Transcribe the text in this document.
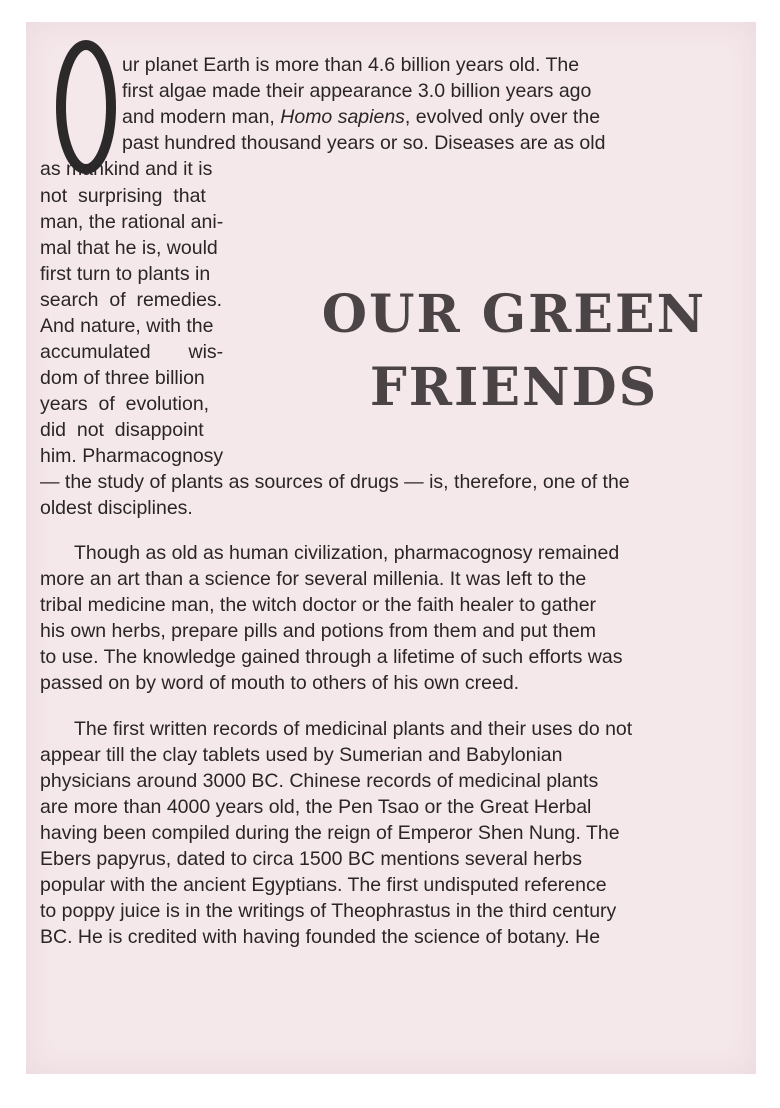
O
ur planet Earth is more than 4.6 billion years old. The
first algae made their appearance 3.0 billion years ago
and modern man, Homo sapiens, evolved only over the
past hundred thousand years or so. Diseases are as old
as mankind and it is
not  surprising  that
man, the rational ani-
mal that he is, would
first turn to plants in
search  of  remedies.
And nature, with the
accumulated       wis-
dom of three billion
years  of  evolution,
did  not  disappoint
him. Pharmacognosy
— the study of plants as sources of drugs — is, therefore, one of the
oldest disciplines.
Though as old as human civilization, pharmacognosy remained
more an art than a science for several millenia. It was left to the
tribal medicine man, the witch doctor or the faith healer to gather
his own herbs, prepare pills and potions from them and put them
to use. The knowledge gained through a lifetime of such efforts was
passed on by word of mouth to others of his own creed.
The first written records of medicinal plants and their uses do not
appear till the clay tablets used by Sumerian and Babylonian
physicians around 3000 BC. Chinese records of medicinal plants
are more than 4000 years old, the Pen Tsao or the Great Herbal
having been compiled during the reign of Emperor Shen Nung. The
Ebers papyrus, dated to circa 1500 BC mentions several herbs
popular with the ancient Egyptians. The first undisputed reference
to poppy juice is in the writings of Theophrastus in the third century
BC. He is credited with having founded the science of botany. He
OUR GREEN
FRIENDS
